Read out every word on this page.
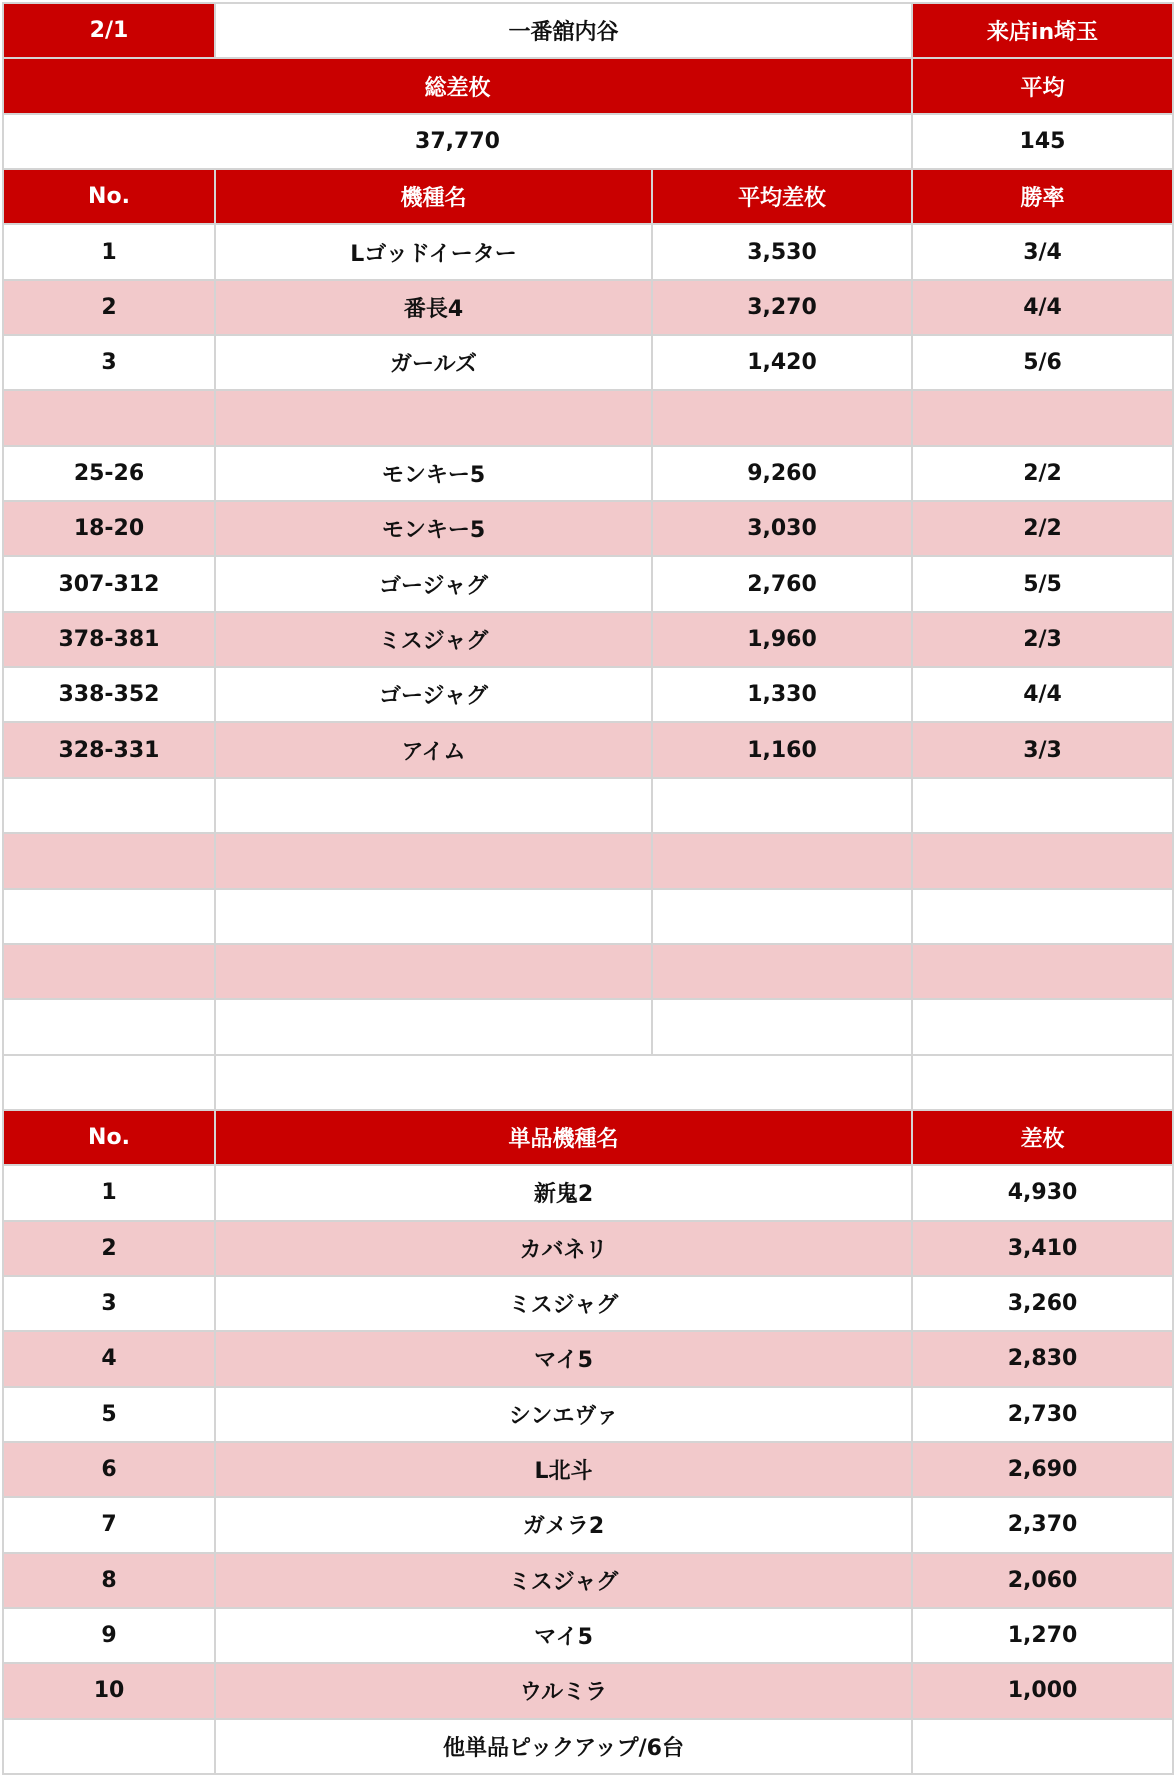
2/1	一番舘内谷		来店in埼玉
総差枚			平均
37,770			145
No.	機種名	平均差枚	勝率
1	Lゴッドイーター	3,530	3/4
2	番長4	3,270	4/4
3	ガールズ	1,420	5/6

25-26	モンキー5	9,260	2/2
18-20	モンキー5	3,030	2/2
307-312	ゴージャグ	2,760	5/5
378-381	ミスジャグ	1,960	2/3
338-352	ゴージャグ	1,330	4/4
328-331	アイム	1,160	3/3

No.	単品機種名		差枚
1	新鬼2		4,930
2	カバネリ		3,410
3	ミスジャグ		3,260
4	マイ5		2,830
5	シンエヴァ		2,730
6	L北斗		2,690
7	ガメラ2		2,370
8	ミスジャグ		2,060
9	マイ5		1,270
10	ウルミラ		1,000
	他単品ピックアップ/6台		
